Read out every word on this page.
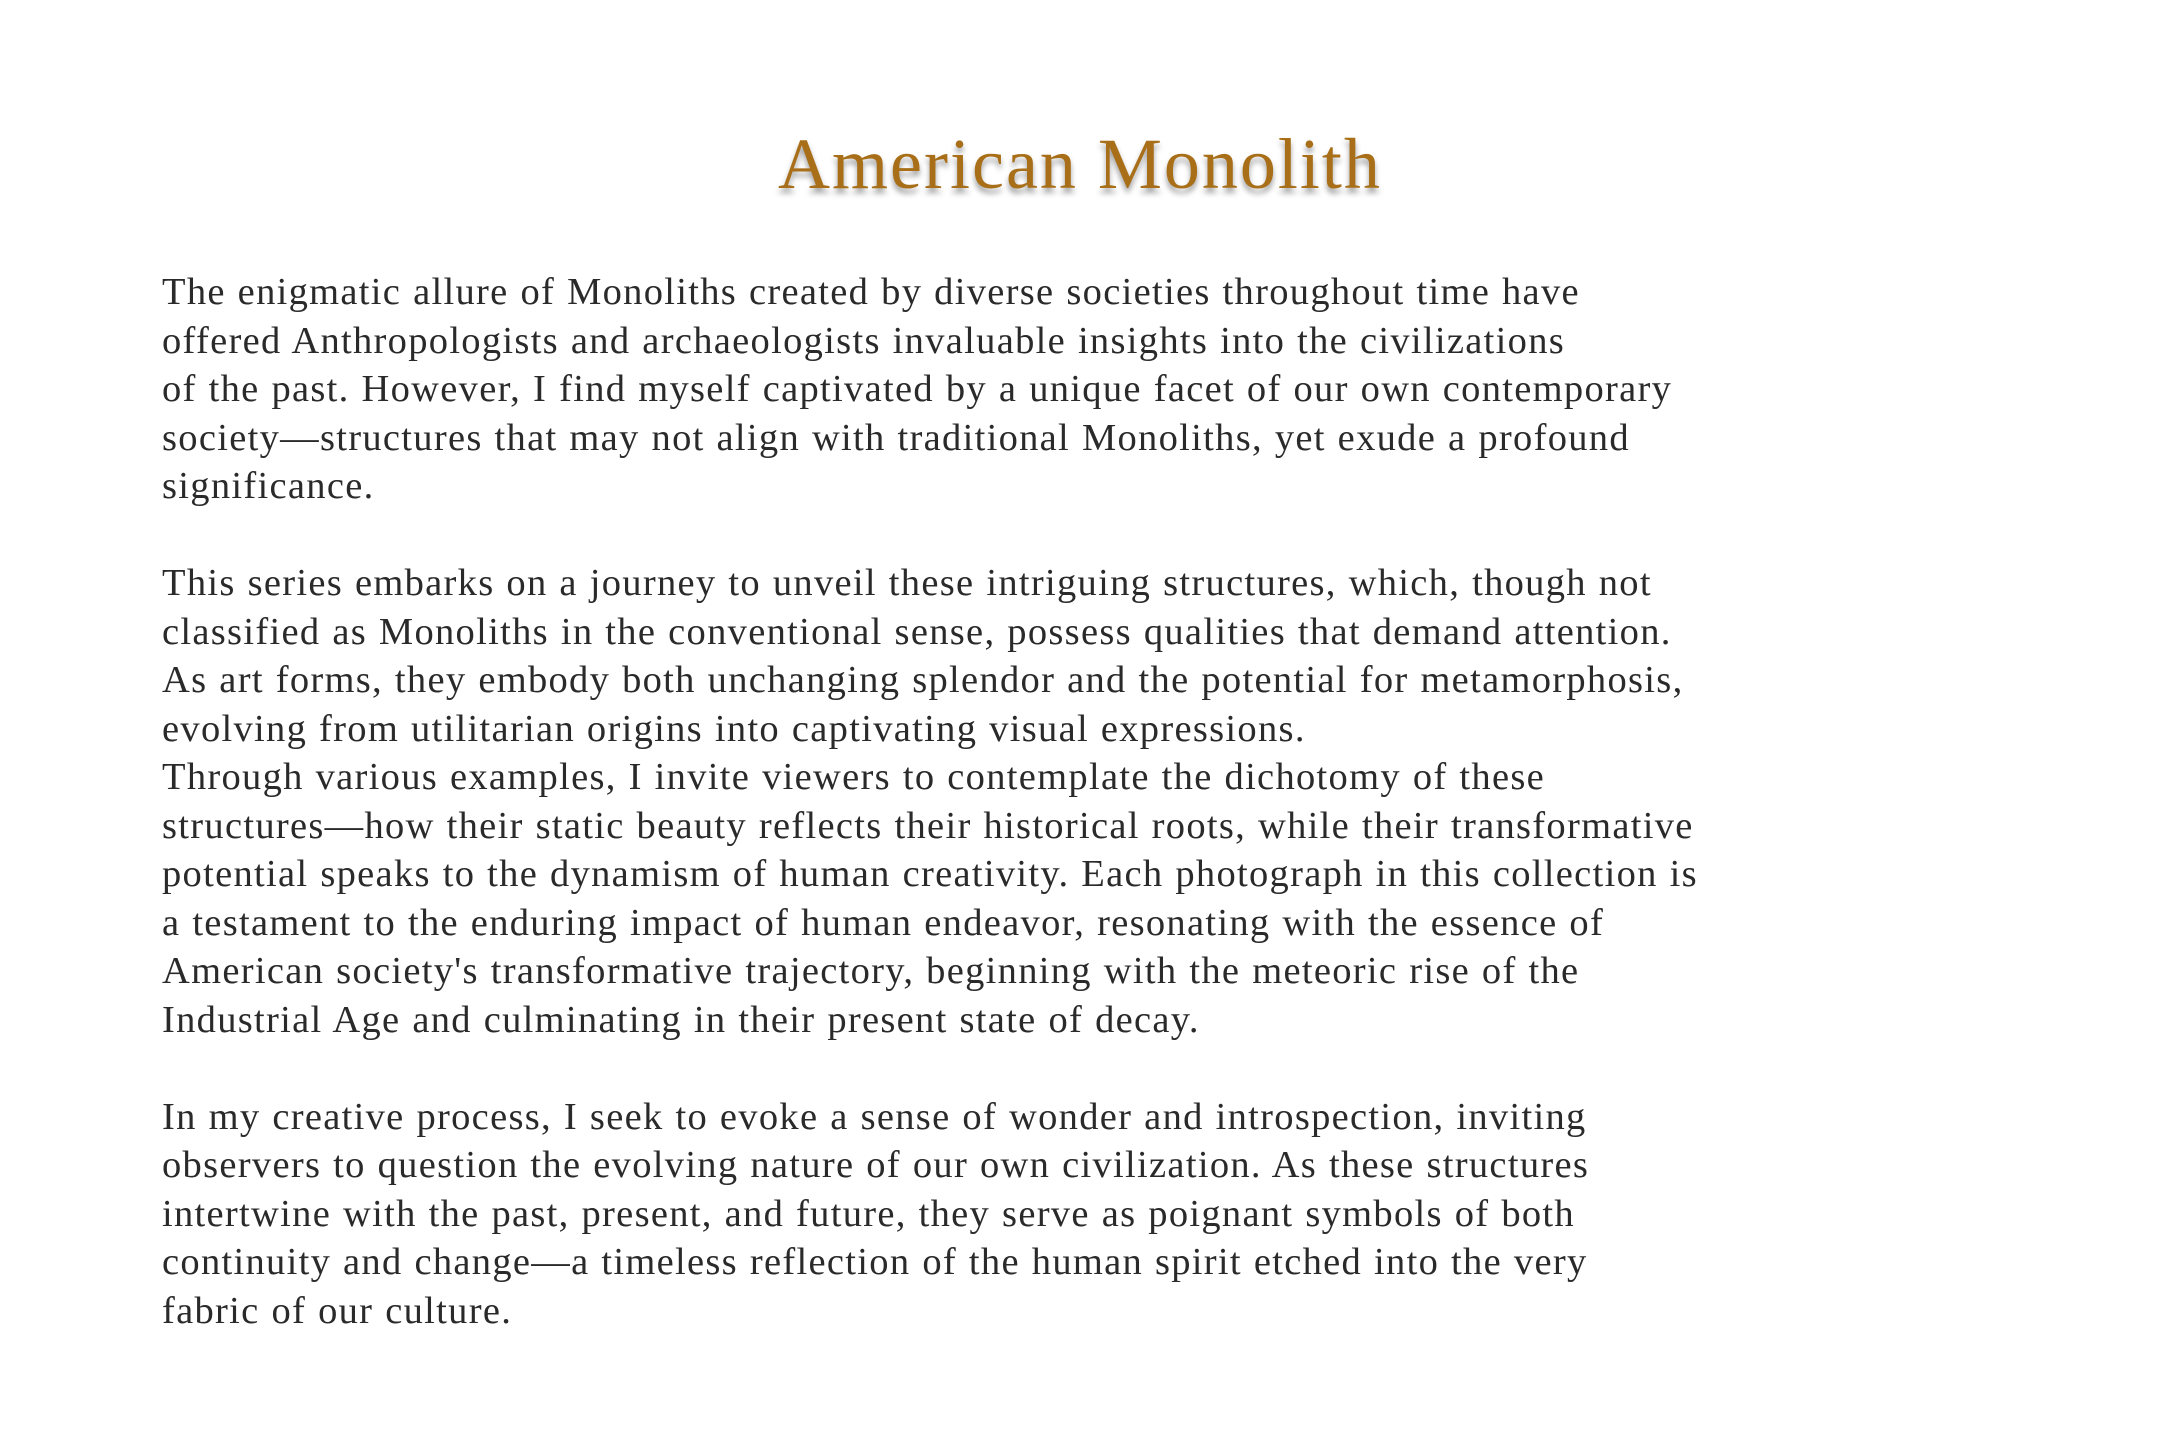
American Monolith
The enigmatic allure of Monoliths created by diverse societies throughout time have
offered Anthropologists and archaeologists invaluable insights into the civilizations
of the past. However, I find myself captivated by a unique facet of our own contemporary
society—structures that may not align with traditional Monoliths, yet exude a profound
significance.
This series embarks on a journey to unveil these intriguing structures, which, though not
classified as Monoliths in the conventional sense, possess qualities that demand attention.
As art forms, they embody both unchanging splendor and the potential for metamorphosis,
evolving from utilitarian origins into captivating visual expressions.
Through various examples, I invite viewers to contemplate the dichotomy of these
structures—how their static beauty reflects their historical roots, while their transformative
potential speaks to the dynamism of human creativity. Each photograph in this collection is
a testament to the enduring impact of human endeavor, resonating with the essence of
American society's transformative trajectory, beginning with the meteoric rise of the
Industrial Age and culminating in their present state of decay.
In my creative process, I seek to evoke a sense of wonder and introspection, inviting
observers to question the evolving nature of our own civilization. As these structures
intertwine with the past, present, and future, they serve as poignant symbols of both
continuity and change—a timeless reflection of the human spirit etched into the very
fabric of our culture.
